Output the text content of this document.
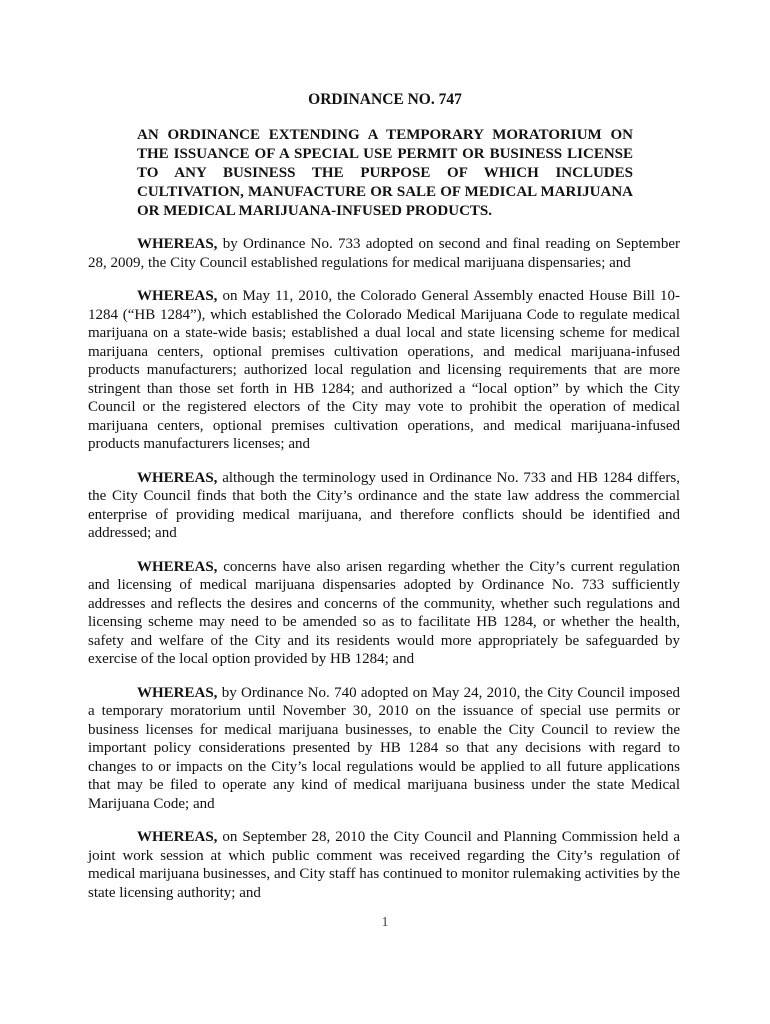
ORDINANCE NO. 747

AN ORDINANCE EXTENDING A TEMPORARY MORATORIUM ON THE ISSUANCE OF A SPECIAL USE PERMIT OR BUSINESS LICENSE TO ANY BUSINESS THE PURPOSE OF WHICH INCLUDES CULTIVATION, MANUFACTURE OR SALE OF MEDICAL MARIJUANA OR MEDICAL MARIJUANA-INFUSED PRODUCTS.

WHEREAS, by Ordinance No. 733 adopted on second and final reading on September 28, 2009, the City Council established regulations for medical marijuana dispensaries; and

WHEREAS, on May 11, 2010, the Colorado General Assembly enacted House Bill 10-1284 (“HB 1284”), which established the Colorado Medical Marijuana Code to regulate medical marijuana on a state-wide basis; established a dual local and state licensing scheme for medical marijuana centers, optional premises cultivation operations, and medical marijuana-infused products manufacturers; authorized local regulation and licensing requirements that are more stringent than those set forth in HB 1284; and authorized a “local option” by which the City Council or the registered electors of the City may vote to prohibit the operation of medical marijuana centers, optional premises cultivation operations, and medical marijuana-infused products manufacturers licenses; and

WHEREAS, although the terminology used in Ordinance No. 733 and HB 1284 differs, the City Council finds that both the City’s ordinance and the state law address the commercial enterprise of providing medical marijuana, and therefore conflicts should be identified and addressed; and

WHEREAS, concerns have also arisen regarding whether the City’s current regulation and licensing of medical marijuana dispensaries adopted by Ordinance No. 733 sufficiently addresses and reflects the desires and concerns of the community, whether such regulations and licensing scheme may need to be amended so as to facilitate HB 1284, or whether the health, safety and welfare of the City and its residents would more appropriately be safeguarded by exercise of the local option provided by HB 1284; and

WHEREAS, by Ordinance No. 740 adopted on May 24, 2010, the City Council imposed a temporary moratorium until November 30, 2010 on the issuance of special use permits or business licenses for medical marijuana businesses, to enable the City Council to review the important policy considerations presented by HB 1284 so that any decisions with regard to changes to or impacts on the City’s local regulations would be applied to all future applications that may be filed to operate any kind of medical marijuana business under the state Medical Marijuana Code; and

WHEREAS, on September 28, 2010 the City Council and Planning Commission held a joint work session at which public comment was received regarding the City’s regulation of medical marijuana businesses, and City staff has continued to monitor rulemaking activities by the state licensing authority; and

1
